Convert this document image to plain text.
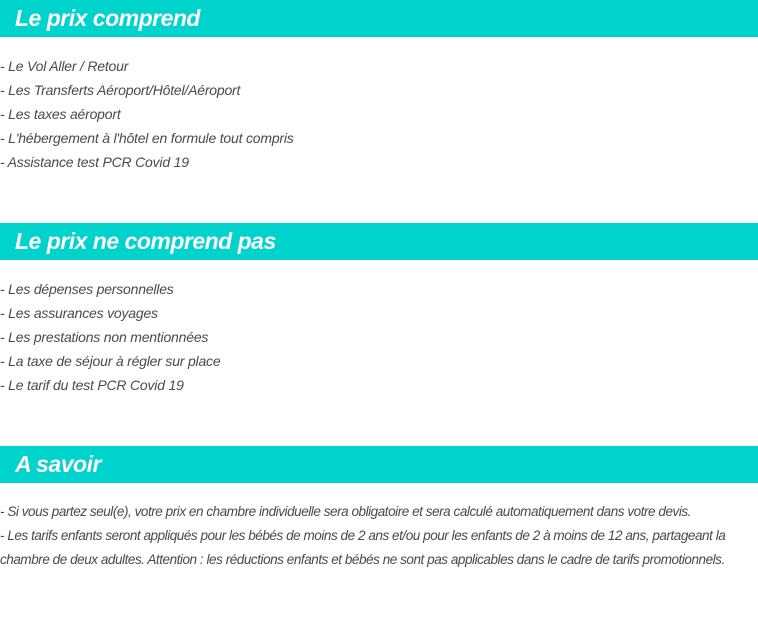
Le prix comprend
- Le Vol Aller / Retour
- Les Transferts Aéroport/Hôtel/Aéroport
- Les taxes aéroport
- L'hébergement à l'hôtel en formule tout compris
- Assistance test PCR Covid 19
Le prix ne comprend pas
- Les dépenses personnelles
- Les assurances voyages
- Les prestations non mentionnées
- La taxe de séjour à régler sur place
- Le tarif du test PCR Covid 19
A savoir

- Si vous partez seul(e), votre prix en chambre individuelle sera obligatoire et sera calculé automatiquement dans votre devis.

- Les tarifs enfants seront appliqués pour les bébés de moins de 2 ans et/ou pour les enfants de 2 à moins de 12 ans, partageant la chambre de deux adultes. Attention : les réductions enfants et bébés ne sont pas applicables dans le cadre de tarifs promotionnels.
